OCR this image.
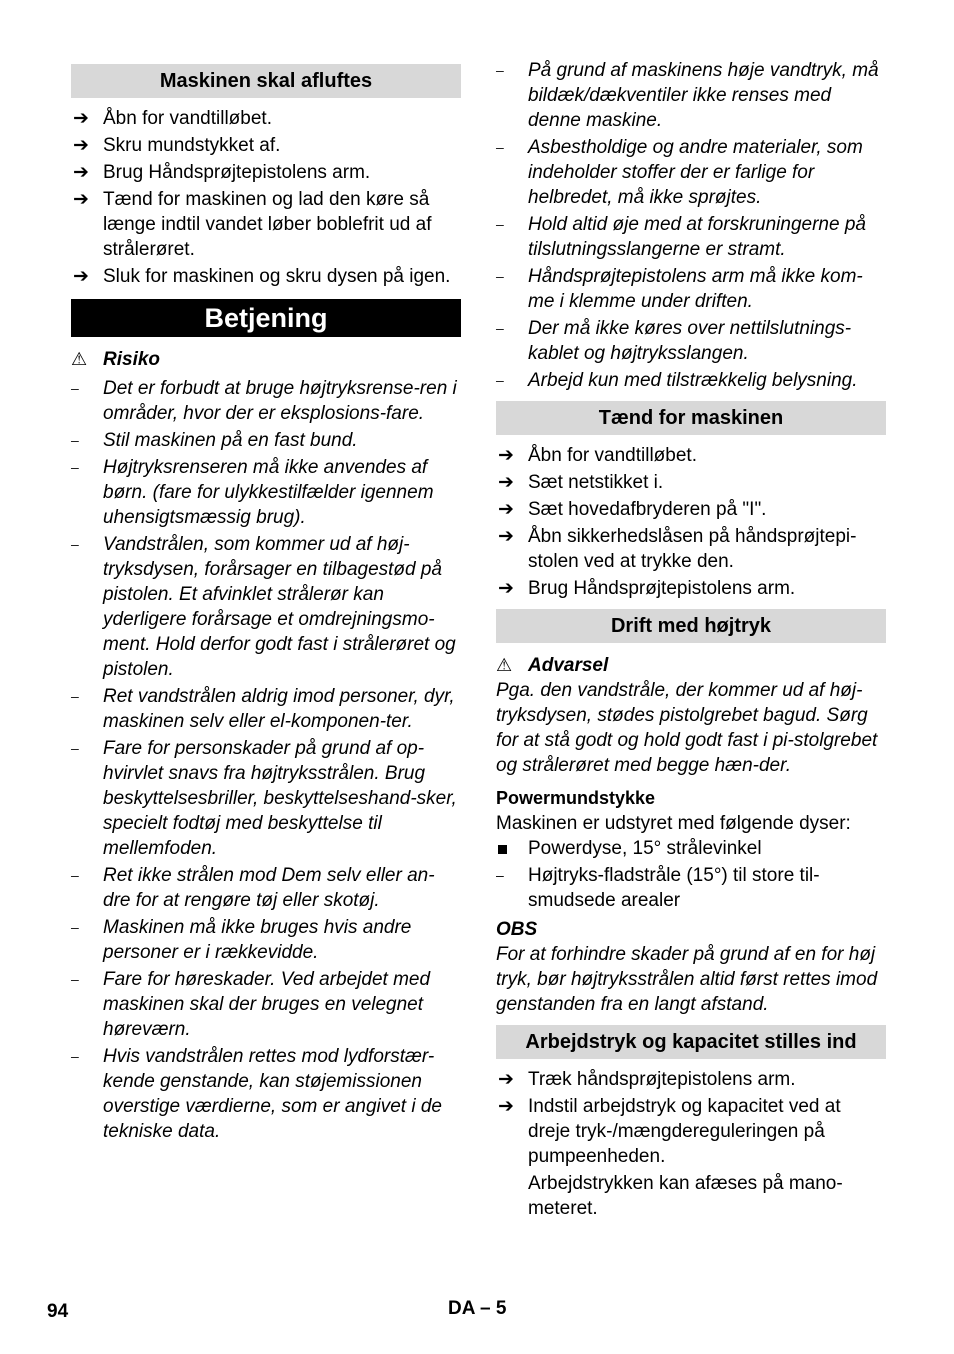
Maskinen skal afluftes
➔ Åbn for vandtilløbet.
➔ Skru mundstykket af.
➔ Brug Håndsprøjtepistolens arm.
➔ Tænd for maskinen og lad den køre så længe indtil vandet løber boblefrit ud af strålerøret.
➔ Sluk for maskinen og skru dysen på igen.
Betjening
⚠ Risiko
– Det er forbudt at bruge højtryksrense-ren i områder, hvor der er eksplosions-fare.
– Stil maskinen på en fast bund.
– Højtryksrenseren må ikke anvendes af børn. (fare for ulykkestilfælder igennem uhensigtsmæssig brug).
– Vandstrålen, som kommer ud af høj-tryksdysen, forårsager en tilbagestød på pistolen. Et afvinklet strålerør kan yderligere forårsage et omdrejningsmo-ment. Hold derfor godt fast i strålerøret og pistolen.
– Ret vandstrålen aldrig imod personer, dyr, maskinen selv eller el-komponen-ter.
– Fare for personskader på grund af op-hvirvlet snavs fra højtryksstrålen. Brug beskyttelsesbriller, beskyttelseshand-sker, specielt fodtøj med beskyttelse til mellemfoden.
– Ret ikke strålen mod Dem selv eller an-dre for at rengøre tøj eller skotøj.
– Maskinen må ikke bruges hvis andre personer er i rækkevidde.
– Fare for høreskader. Ved arbejdet med maskinen skal der bruges en velegnet høreværn.
– Hvis vandstrålen rettes mod lydforstær-kende genstande, kan støjemissionen overstige værdierne, som er angivet i de tekniske data.
– På grund af maskinens høje vandtryk, må bildæk/dækventiler ikke renses med denne maskine.
– Asbestholdige og andre materialer, som indeholder stoffer der er farlige for helbredet, må ikke sprøjtes.
– Hold altid øje med at forskruningerne på tilslutningsslangerne er stramt.
– Håndsprøjtepistolens arm må ikke kom-me i klemme under driften.
– Der må ikke køres over nettilslutnings-kablet og højtryksslangen.
– Arbejd kun med tilstrækkelig belysning.
Tænd for maskinen
➔ Åbn for vandtilløbet.
➔ Sæt netstikket i.
➔ Sæt hovedafbryderen på "I".
➔ Åbn sikkerhedslåsen på håndsprøjtepi-stolen ved at trykke den.
➔ Brug Håndsprøjtepistolens arm.
Drift med højtryk
⚠ Advarsel
Pga. den vandstråle, der kommer ud af høj-tryksdysen, stødes pistolgrebet bagud. Sørg for at stå godt og hold godt fast i pi-stolgrebet og strålerøret med begge hæn-der.
Powermundstykke
Maskinen er udstyret med følgende dyser:
Powerdyse, 15° strålevinkel
– Højtryks-fladstråle (15°) til store til-smudsede arealer
OBS
For at forhindre skader på grund af en for høj tryk, bør højtryksstrålen altid først rettes imod genstanden fra en langt afstand.
Arbejdstryk og kapacitet stilles ind
➔ Træk håndsprøjtepistolens arm.
➔ Indstil arbejdstryk og kapacitet ved at dreje tryk-/mængdereguleringen på pumpeenheden.
Arbejdstrykken kan afæses på mano-meteret.
94	DA – 5
